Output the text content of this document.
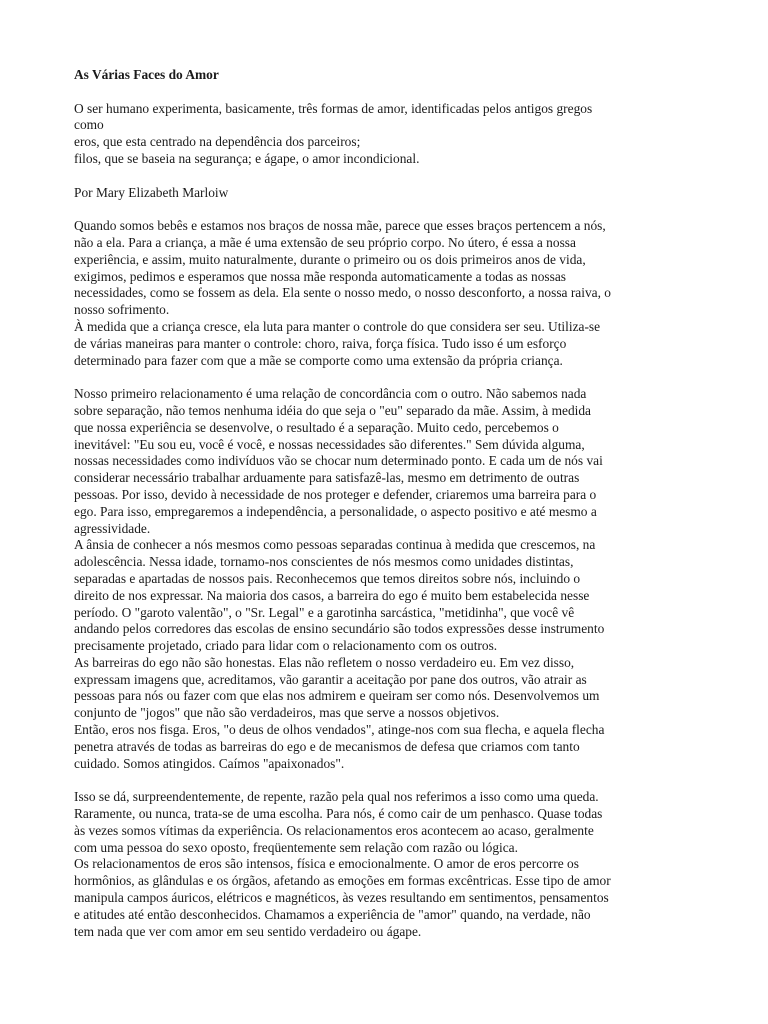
As Várias Faces do Amor
O ser humano experimenta, basicamente, três formas de amor, identificadas pelos antigos gregos
como
eros, que esta centrado na dependência dos parceiros;
filos, que se baseia na segurança; e ágape, o amor incondicional.
Por Mary Elizabeth Marloiw
Quando somos bebês e estamos nos braços de nossa mãe, parece que esses braços pertencem a nós,
não a ela. Para a criança, a mãe é uma extensão de seu próprio corpo. No útero, é essa a nossa
experiência, e assim, muito naturalmente, durante o primeiro ou os dois primeiros anos de vida,
exigimos, pedimos e esperamos que nossa mãe responda automaticamente a todas as nossas
necessidades, como se fossem as dela. Ela sente o nosso medo, o nosso desconforto, a nossa raiva, o
nosso sofrimento.
À medida que a criança cresce, ela luta para manter o controle do que considera ser seu. Utiliza-se
de várias maneiras para manter o controle: choro, raiva, força física. Tudo isso é um esforço
determinado para fazer com que a mãe se comporte como uma extensão da própria criança.
Nosso primeiro relacionamento é uma relação de concordância com o outro. Não sabemos nada
sobre separação, não temos nenhuma idéia do que seja o "eu" separado da mãe. Assim, à medida
que nossa experiência se desenvolve, o resultado é a separação. Muito cedo, percebemos o
inevitável: "Eu sou eu, você é você, e nossas necessidades são diferentes." Sem dúvida alguma,
nossas necessidades como indivíduos vão se chocar num determinado ponto. E cada um de nós vai
considerar necessário trabalhar arduamente para satisfazê-las, mesmo em detrimento de outras
pessoas. Por isso, devido à necessidade de nos proteger e defender, criaremos uma barreira para o
ego. Para isso, empregaremos a independência, a personalidade, o aspecto positivo e até mesmo a
agressividade.
A ânsia de conhecer a nós mesmos como pessoas separadas continua à medida que crescemos, na
adolescência. Nessa idade, tornamo-nos conscientes de nós mesmos como unidades distintas,
separadas e apartadas de nossos pais. Reconhecemos que temos direitos sobre nós, incluindo o
direito de nos expressar. Na maioria dos casos, a barreira do ego é muito bem estabelecida nesse
período. O "garoto valentão", o "Sr. Legal" e a garotinha sarcástica, "metidinha", que você vê
andando pelos corredores das escolas de ensino secundário são todos expressões desse instrumento
precisamente projetado, criado para lidar com o relacionamento com os outros.
As barreiras do ego não são honestas. Elas não refletem o nosso verdadeiro eu. Em vez disso,
expressam imagens que, acreditamos, vão garantir a aceitação por pane dos outros, vão atrair as
pessoas para nós ou fazer com que elas nos admirem e queiram ser como nós. Desenvolvemos um
conjunto de "jogos" que não são verdadeiros, mas que serve a nossos objetivos.
Então, eros nos fisga. Eros, "o deus de olhos vendados", atinge-nos com sua flecha, e aquela flecha
penetra através de todas as barreiras do ego e de mecanismos de defesa que criamos com tanto
cuidado. Somos atingidos. Caímos "apaixonados".
Isso se dá, surpreendentemente, de repente, razão pela qual nos referimos a isso como uma queda.
Raramente, ou nunca, trata-se de uma escolha. Para nós, é como cair de um penhasco. Quase todas
às vezes somos vítimas da experiência. Os relacionamentos eros acontecem ao acaso, geralmente
com uma pessoa do sexo oposto, freqüentemente sem relação com razão ou lógica.
Os relacionamentos de eros são intensos, física e emocionalmente. O amor de eros percorre os
hormônios, as glândulas e os órgãos, afetando as emoções em formas excêntricas. Esse tipo de amor
manipula campos áuricos, elétricos e magnéticos, às vezes resultando em sentimentos, pensamentos
e atitudes até então desconhecidos. Chamamos a experiência de "amor" quando, na verdade, não
tem nada que ver com amor em seu sentido verdadeiro ou ágape.
